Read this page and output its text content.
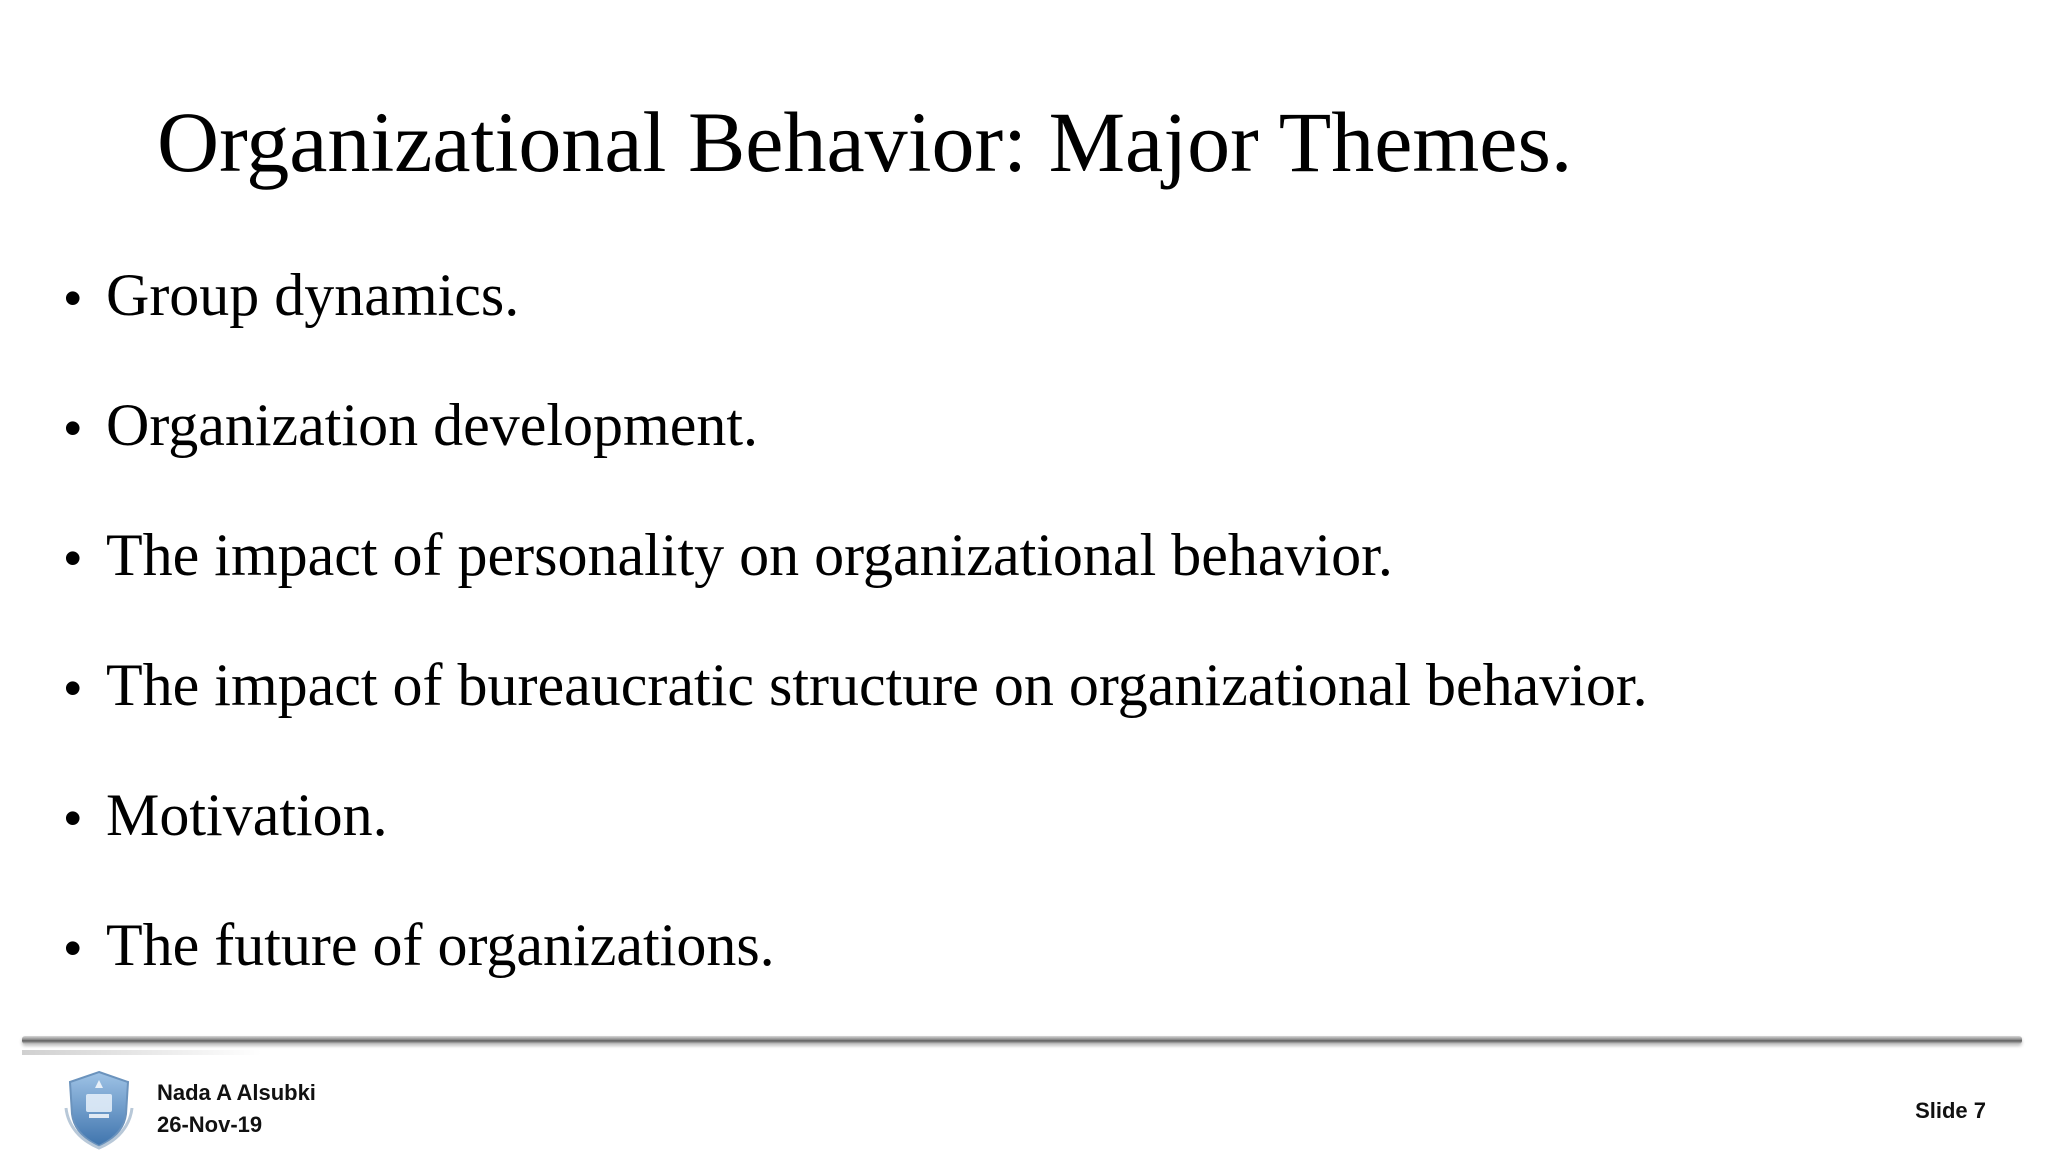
Organizational Behavior: Major Themes.
• Group dynamics.
• Organization development.
• The impact of personality on organizational behavior.
• The impact of bureaucratic structure on organizational behavior.
• Motivation.
• The future of organizations.
Nada A Alsubki
26-Nov-19
Slide 7
